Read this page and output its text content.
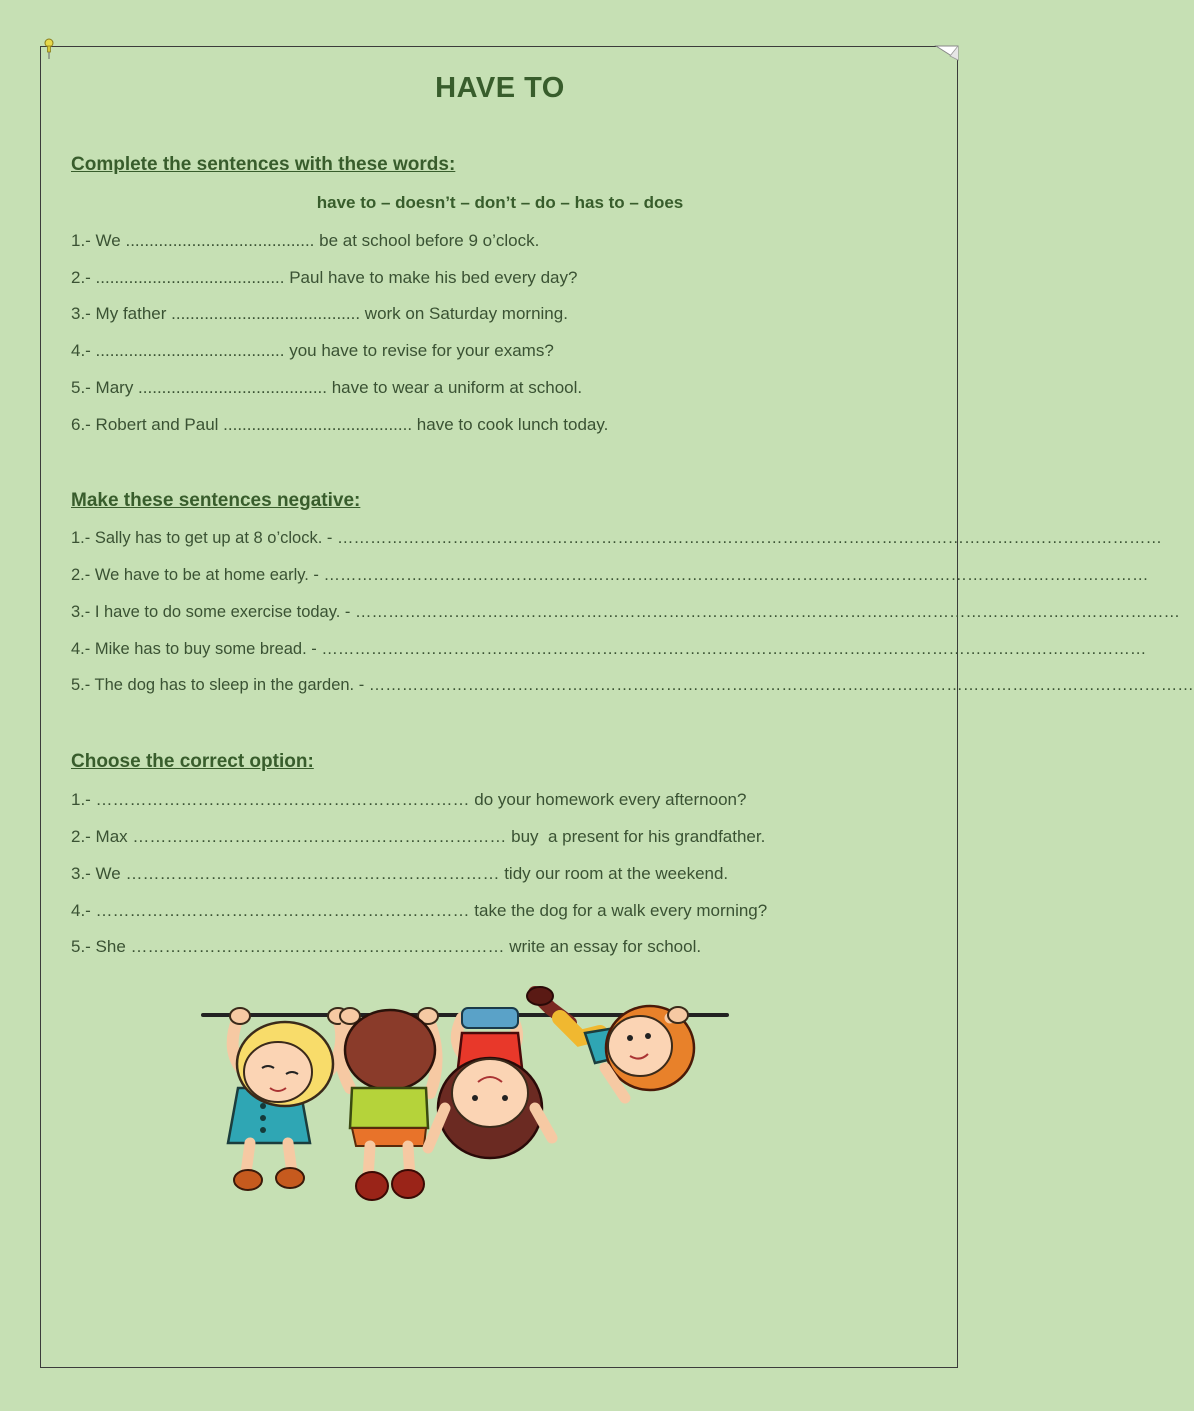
HAVE TO
Complete the sentences with these words:
have to – doesn’t – don’t – do – has to – does
1.- We ........................................ be at school before 9 o’clock.
2.- ........................................ Paul have to make his bed every day?
3.- My father ........................................ work on Saturday morning.
4.- ........................................ you have to revise for your exams?
5.- Mary ........................................ have to wear a uniform at school.
6.- Robert and Paul ........................................ have to cook lunch today.
Make these sentences negative:
1.- Sally has to get up at 8 o’clock. - ……………………………………………………………………………………………………………………………………
2.- We have to be at home early. - ……………………………………………………………………………………………………………………………………
3.- I have to do some exercise today. - ……………………………………………………………………………………………………………………………………
4.- Mike has to buy some bread. - ……………………………………………………………………………………………………………………………………
5.- The dog has to sleep in the garden. - ……………………………………………………………………………………………………………………………………
Choose the correct option:
1.- ………………………………………………………… do your homework every afternoon?
2.- Max ………………………………………………………… buy  a present for his grandfather.
3.- We ………………………………………………………… tidy our room at the weekend.
4.- ………………………………………………………… take the dog for a walk every morning?
5.- She ………………………………………………………… write an essay for school.
